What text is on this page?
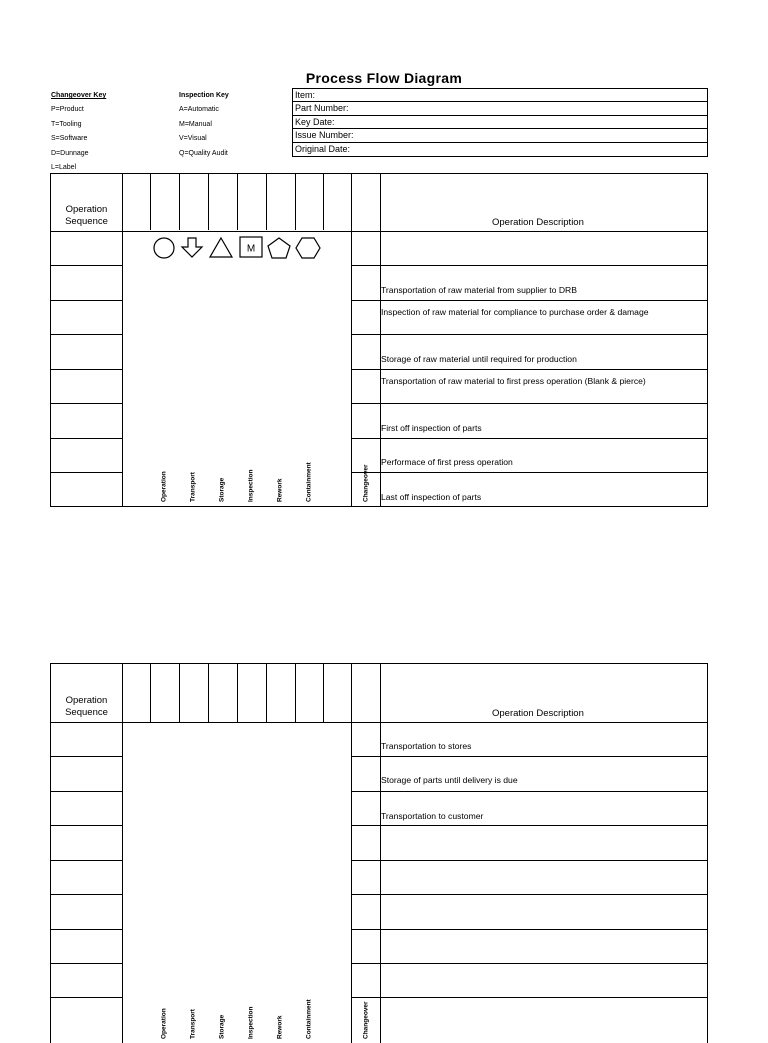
Process Flow Diagram
Changeover Key
P=Product
T=Tooling
S=Software
D=Dunnage
L=Label
Inspection Key
A=Automatic
M=Manual
V=Visual
Q=Quality Audit
Item:
Part Number:
Key Date:
Issue Number:
Original Date:
Operation Sequence
Operation	Transport	Storage	Inspection	Rework	Containment	Changeover
Operation Description
M
Transportation of raw material from supplier to DRB
Inspection of raw material for compliance to purchase order & damage
Storage of raw material until required for production
Transportation of raw material to first press operation (Blank & pierce)
First off inspection of parts
Performace of first press operation
Last off inspection of parts
Operation Sequence
Operation	Transport	Storage	Inspection	Rework	Containment	Changeover
Operation Description
Transportation to stores
Storage of parts until delivery is due
Transportation to customer
